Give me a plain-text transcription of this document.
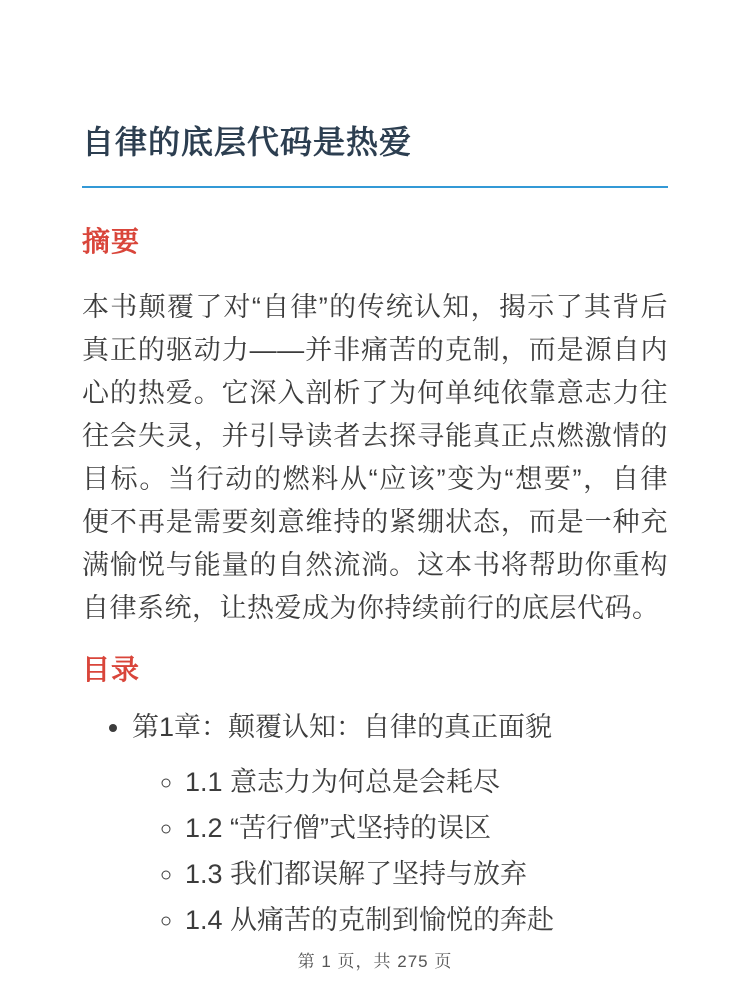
自律的底层代码是热爱
摘要

本书颠覆了对“自律”的传统认知，揭示了其背后真正的驱动力——并非痛苦的克制，而是源自内心的热爱。它深入剖析了为何单纯依靠意志力往往会失灵，并引导读者去探寻能真正点燃激情的目标。当行动的燃料从“应该”变为“想要”，自律便不再是需要刻意维持的紧绷状态，而是一种充满愉悦与能量的自然流淌。这本书将帮助你重构自律系统，让热爱成为你持续前行的底层代码。

目录
• 第1章：颠覆认知：自律的真正面貌
◦ 1.1 意志力为何总是会耗尽
◦ 1.2 “苦行僧”式坚持的误区
◦ 1.3 我们都误解了坚持与放弃
◦ 1.4 从痛苦的克制到愉悦的奔赴
第 1 页，共 275 页
